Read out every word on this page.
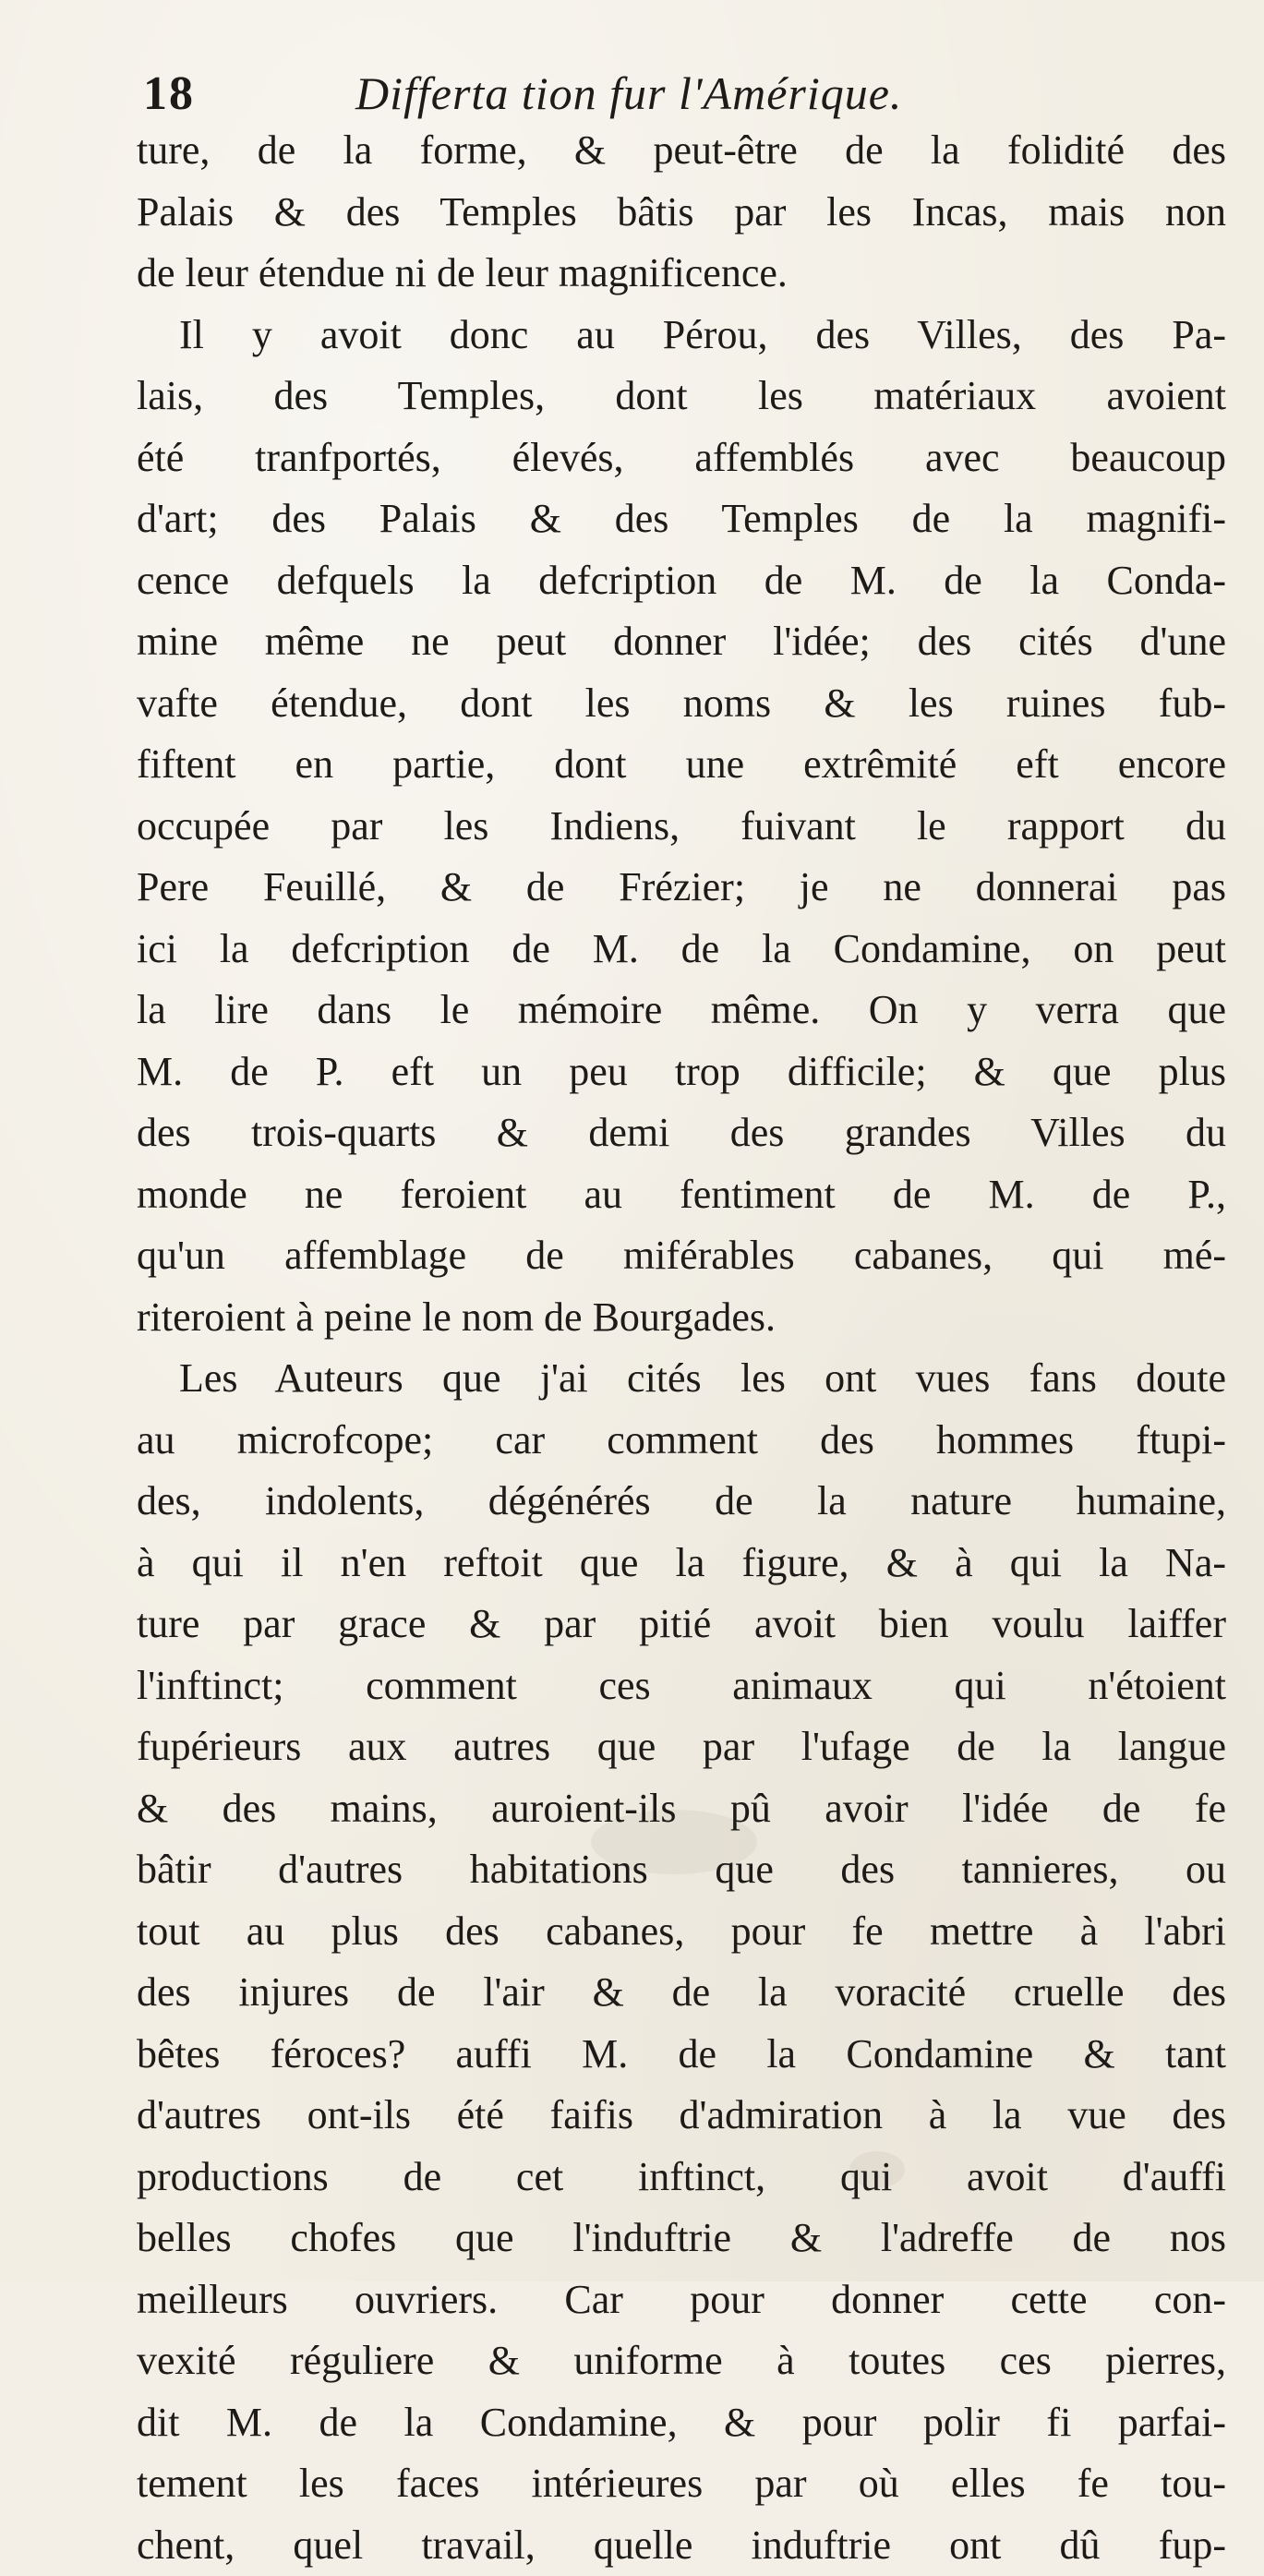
18	Differta tion fur l'Amérique.
ture, de la forme, & peut-être de la folidité des
Palais & des Temples bâtis par les Incas, mais non
de leur étendue ni de leur magnificence.
Il y avoit donc au Pérou, des Villes, des Pa-
lais, des Temples, dont les matériaux avoient
été tranfportés, élevés, affemblés avec beaucoup
d'art; des Palais & des Temples de la magnifi-
cence defquels la defcription de M. de la Conda-
mine même ne peut donner l'idée; des cités d'une
vafte étendue, dont les noms & les ruines fub-
fiftent en partie, dont une extrêmité eft encore
occupée par les Indiens, fuivant le rapport du
Pere Feuillé, & de Frézier; je ne donnerai pas
ici la defcription de M. de la Condamine, on peut
la lire dans le mémoire même. On y verra que
M. de P. eft un peu trop difficile; & que plus
des trois-quarts & demi des grandes Villes du
monde ne feroient au fentiment de M. de P.,
qu'un affemblage de miférables cabanes, qui mé-
riteroient à peine le nom de Bourgades.
Les Auteurs que j'ai cités les ont vues fans doute
au microfcope; car comment des hommes ftupi-
des, indolents, dégénérés de la nature humaine,
à qui il n'en reftoit que la figure, & à qui la Na-
ture par grace & par pitié avoit bien voulu laiffer
l'inftinct; comment ces animaux qui n'étoient
fupérieurs aux autres que par l'ufage de la langue
& des mains, auroient-ils pû avoir l'idée de fe
bâtir d'autres habitations que des tannieres, ou
tout au plus des cabanes, pour fe mettre à l'abri
des injures de l'air & de la voracité cruelle des
bêtes féroces? auffi M. de la Condamine & tant
d'autres ont-ils été faifis d'admiration à la vue des
productions de cet inftinct, qui avoit d'auffi
belles chofes que l'induftrie & l'adreffe de nos
meilleurs ouvriers. Car pour donner cette con-
vexité réguliere & uniforme à toutes ces pierres,
dit M. de la Condamine, & pour polir fi parfai-
tement les faces intérieures par où elles fe tou-
chent, quel travail, quelle induftrie ont dû fup-
